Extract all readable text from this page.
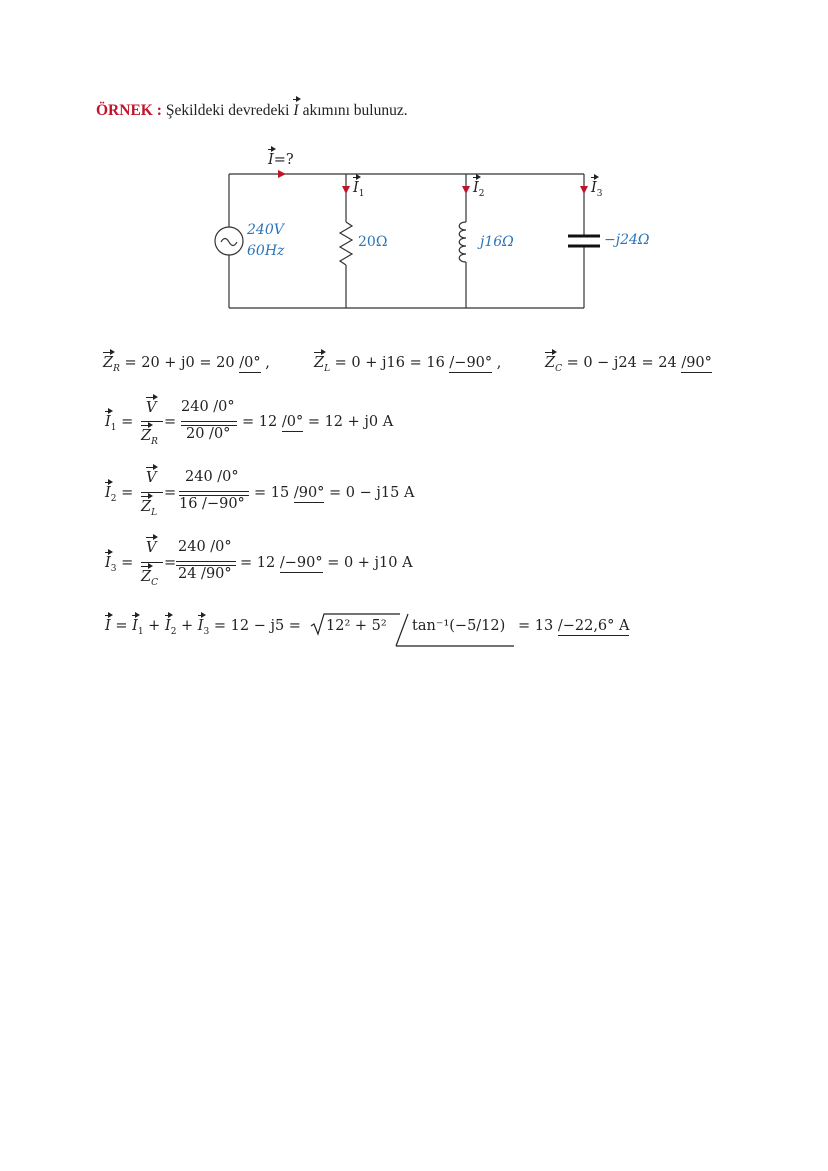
ÖRNEK : Şekildeki devredeki I akımını bulunuz.
I=?
240V
60Hz
$I_1$	$I_2$	$I_3$
20Ω	j16Ω	−j24Ω
$Z_R = 20 + j0 = 20$ /0° ,	$Z_L = 0 + j16 = 16$ /−90° ,	$Z_C = 0 - j24 = 24$ /90°
$I_1$ =
V
$Z_R$
=
240 /0°
20 /0°
= 12 /0° = 12 + j0 A
$I_2$ =
V
$Z_L$
=
240 /0°
16 /−90°
= 15 /90° = 0 − j15 A
$I_3$ =
V
$Z_C$
=
240 /0°
24 /90°
= 12 /−90° = 0 + j10 A
$I = I_1 + I_2 + I_3 = 12 - j5 = 12^2 + 5^2$ tan⁻¹(−5/12) = 13 /−22,6° A
